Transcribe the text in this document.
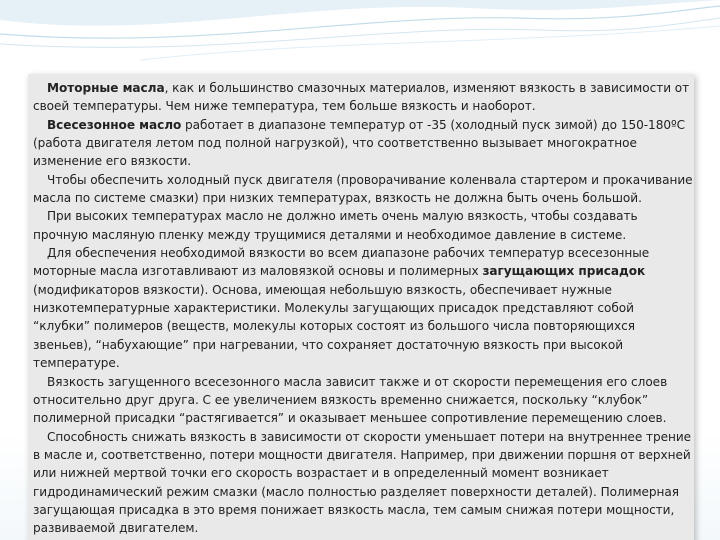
Моторные масла, как и большинство смазочных материалов, изменяют вязкость в зависимости от своей температуры. Чем ниже температура, тем больше вязкость и наоборот.

Всесезонное масло работает в диапазоне температур от -35 (холодный пуск зимой) до 150-180ºС (работа двигателя летом под полной нагрузкой), что соответственно вызывает многократное изменение его вязкости.

Чтобы обеспечить холодный пуск двигателя (проворачивание коленвала стартером и прокачивание масла по системе смазки) при низких температурах, вязкость не должна быть очень большой.

При высоких температурах масло не должно иметь очень малую вязкость, чтобы создавать прочную масляную пленку между трущимися деталями и необходимое давление в системе.

Для обеспечения необходимой вязкости во всем диапазоне рабочих температур всесезонные моторные масла изготавливают из маловязкой основы и полимерных загущающих присадок (модификаторов вязкости). Основа, имеющая небольшую вязкость, обеспечивает нужные низкотемпературные характеристики. Молекулы загущающих присадок представляют собой “клубки” полимеров (веществ, молекулы которых состоят из большого числа повторяющихся звеньев), “набухающие” при нагревании, что сохраняет достаточную вязкость при высокой температуре.

Вязкость загущенного всесезонного масла зависит также и от скорости перемещения его слоев относительно друг друга. С ее увеличением вязкость временно снижается, поскольку “клубок” полимерной присадки “растягивается” и оказывает меньшее сопротивление перемещению слоев.

Способность снижать вязкость в зависимости от скорости уменьшает потери на внутреннее трение в масле и, соответственно, потери мощности двигателя. Например, при движении поршня от верхней или нижней мертвой точки его скорость возрастает и в определенный момент возникает гидродинамический режим смазки (масло полностью разделяет поверхности деталей). Полимерная загущающая присадка в это время понижает вязкость масла, тем самым снижая потери мощности, развиваемой двигателем.
